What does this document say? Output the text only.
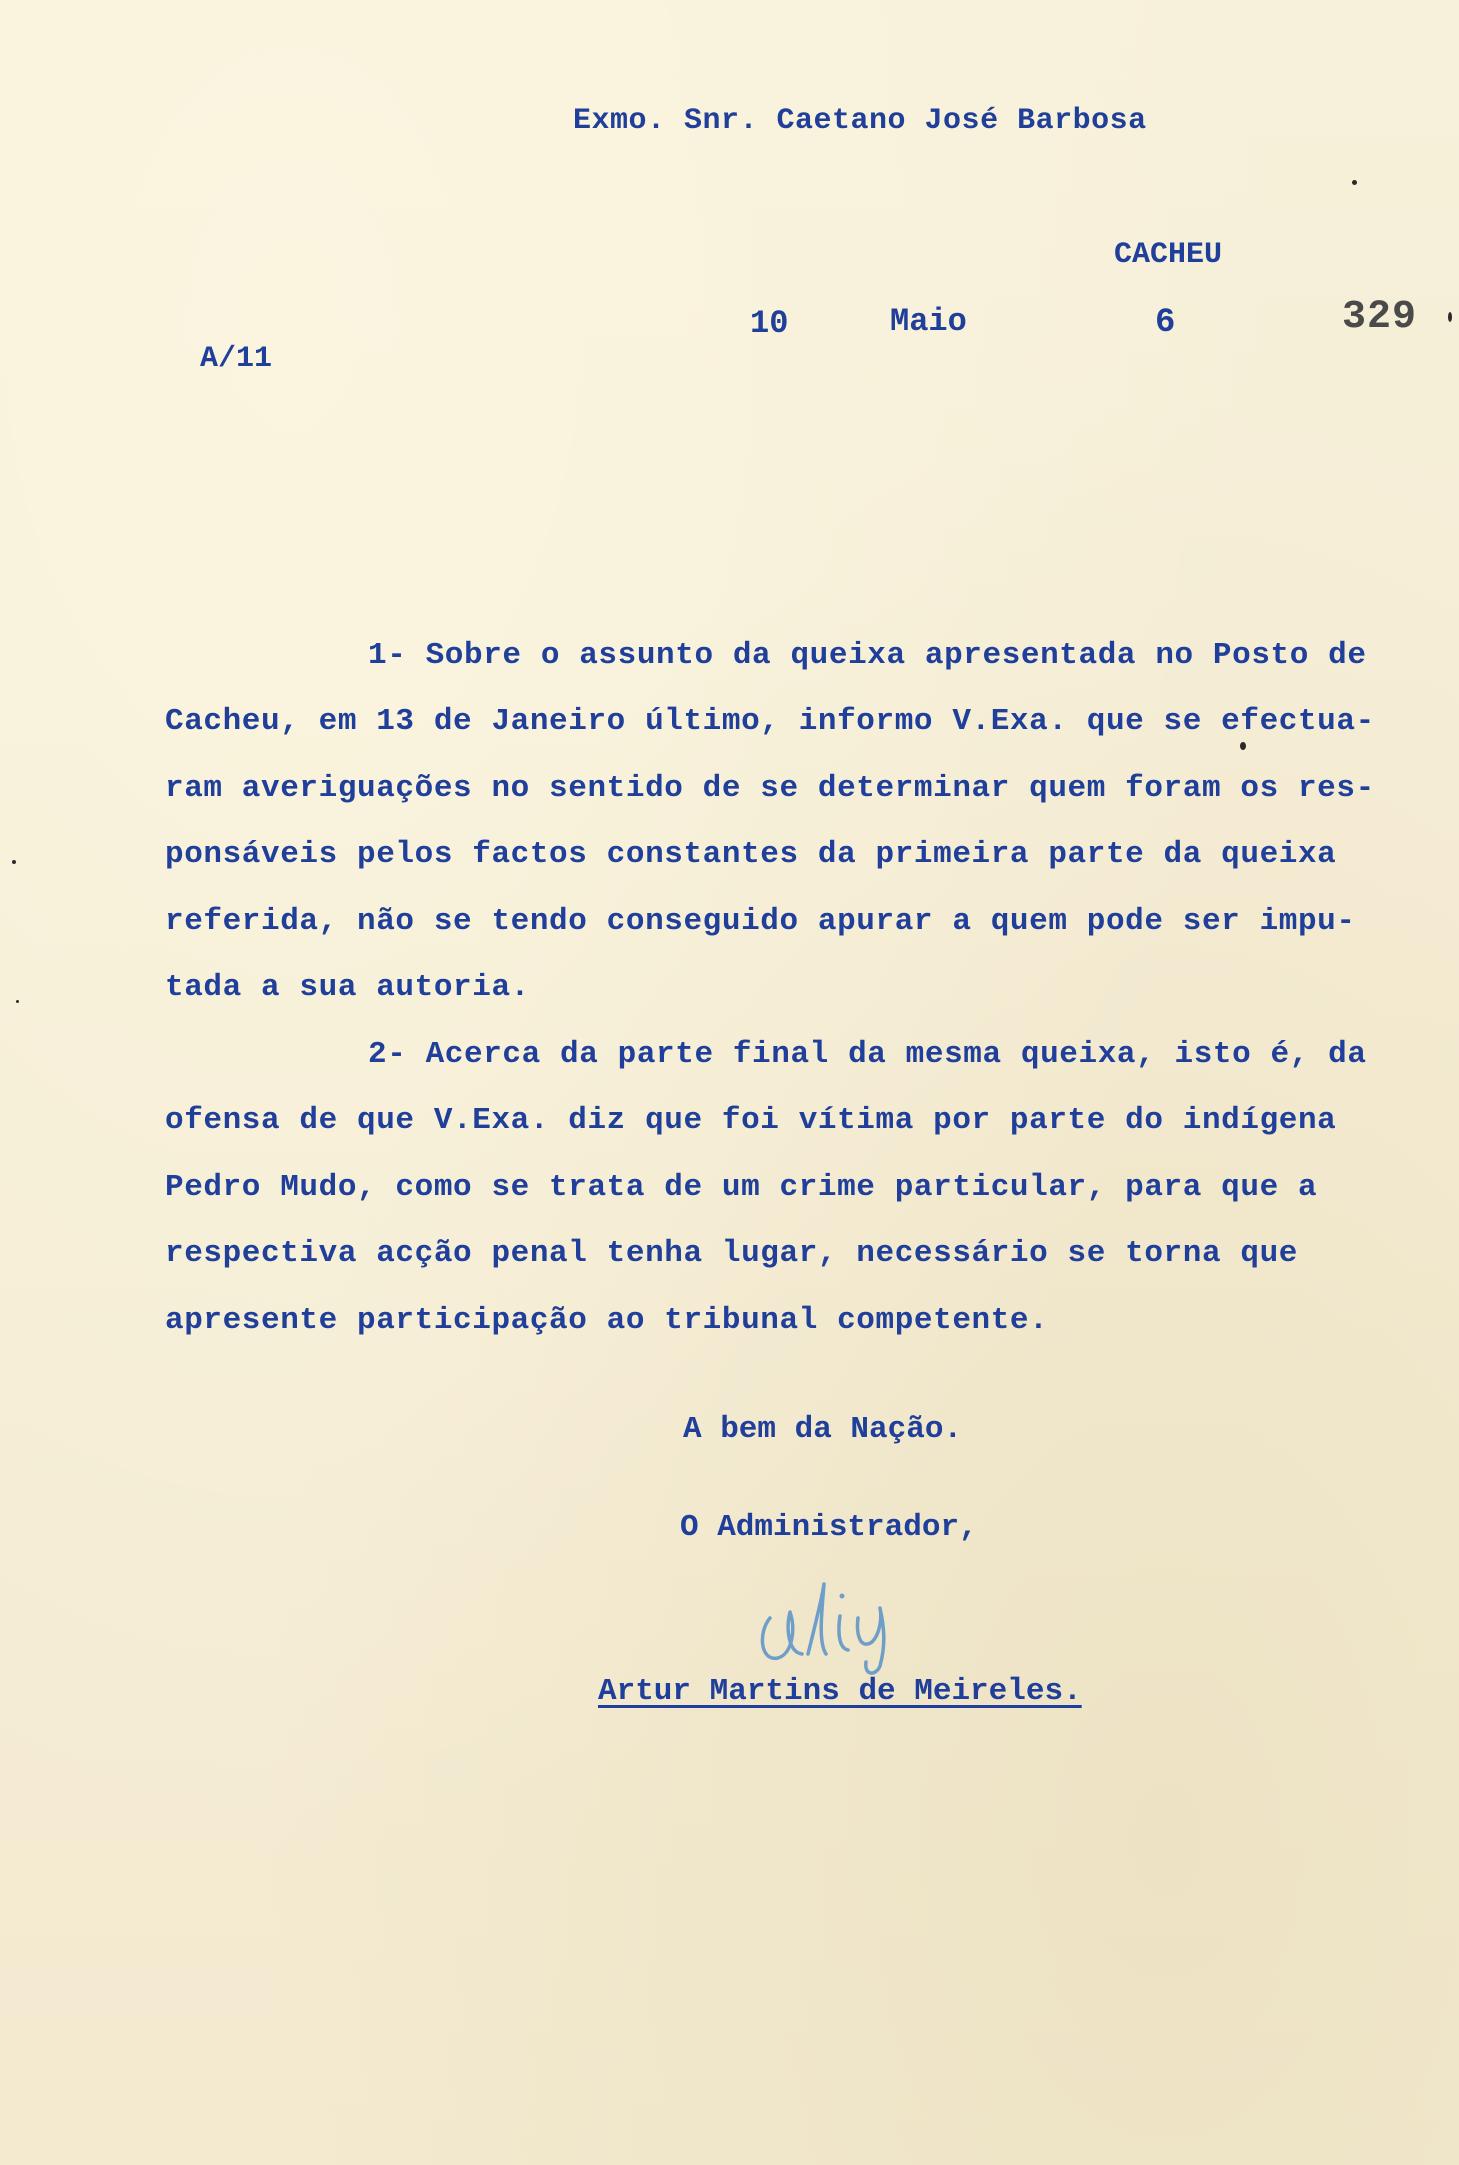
Exmo. Snr. Caetano José Barbosa
CACHEU
A/11
10	Maio	6	329
1- Sobre o assunto da queixa apresentada no Posto de
Cacheu, em 13 de Janeiro último, informo V.Exa. que se efectua-
ram averiguações no sentido de se determinar quem foram os res-
ponsáveis pelos factos constantes da primeira parte da queixa
referida, não se tendo conseguido apurar a quem pode ser impu-
tada a sua autoria.
2- Acerca da parte final da mesma queixa, isto é, da
ofensa de que V.Exa. diz que foi vítima por parte do indígena
Pedro Mudo, como se trata de um crime particular, para que a
respectiva acção penal tenha lugar, necessário se torna que
apresente participação ao tribunal competente.
A bem da Nação.
O Administrador,
Artur Martins de Meireles.
